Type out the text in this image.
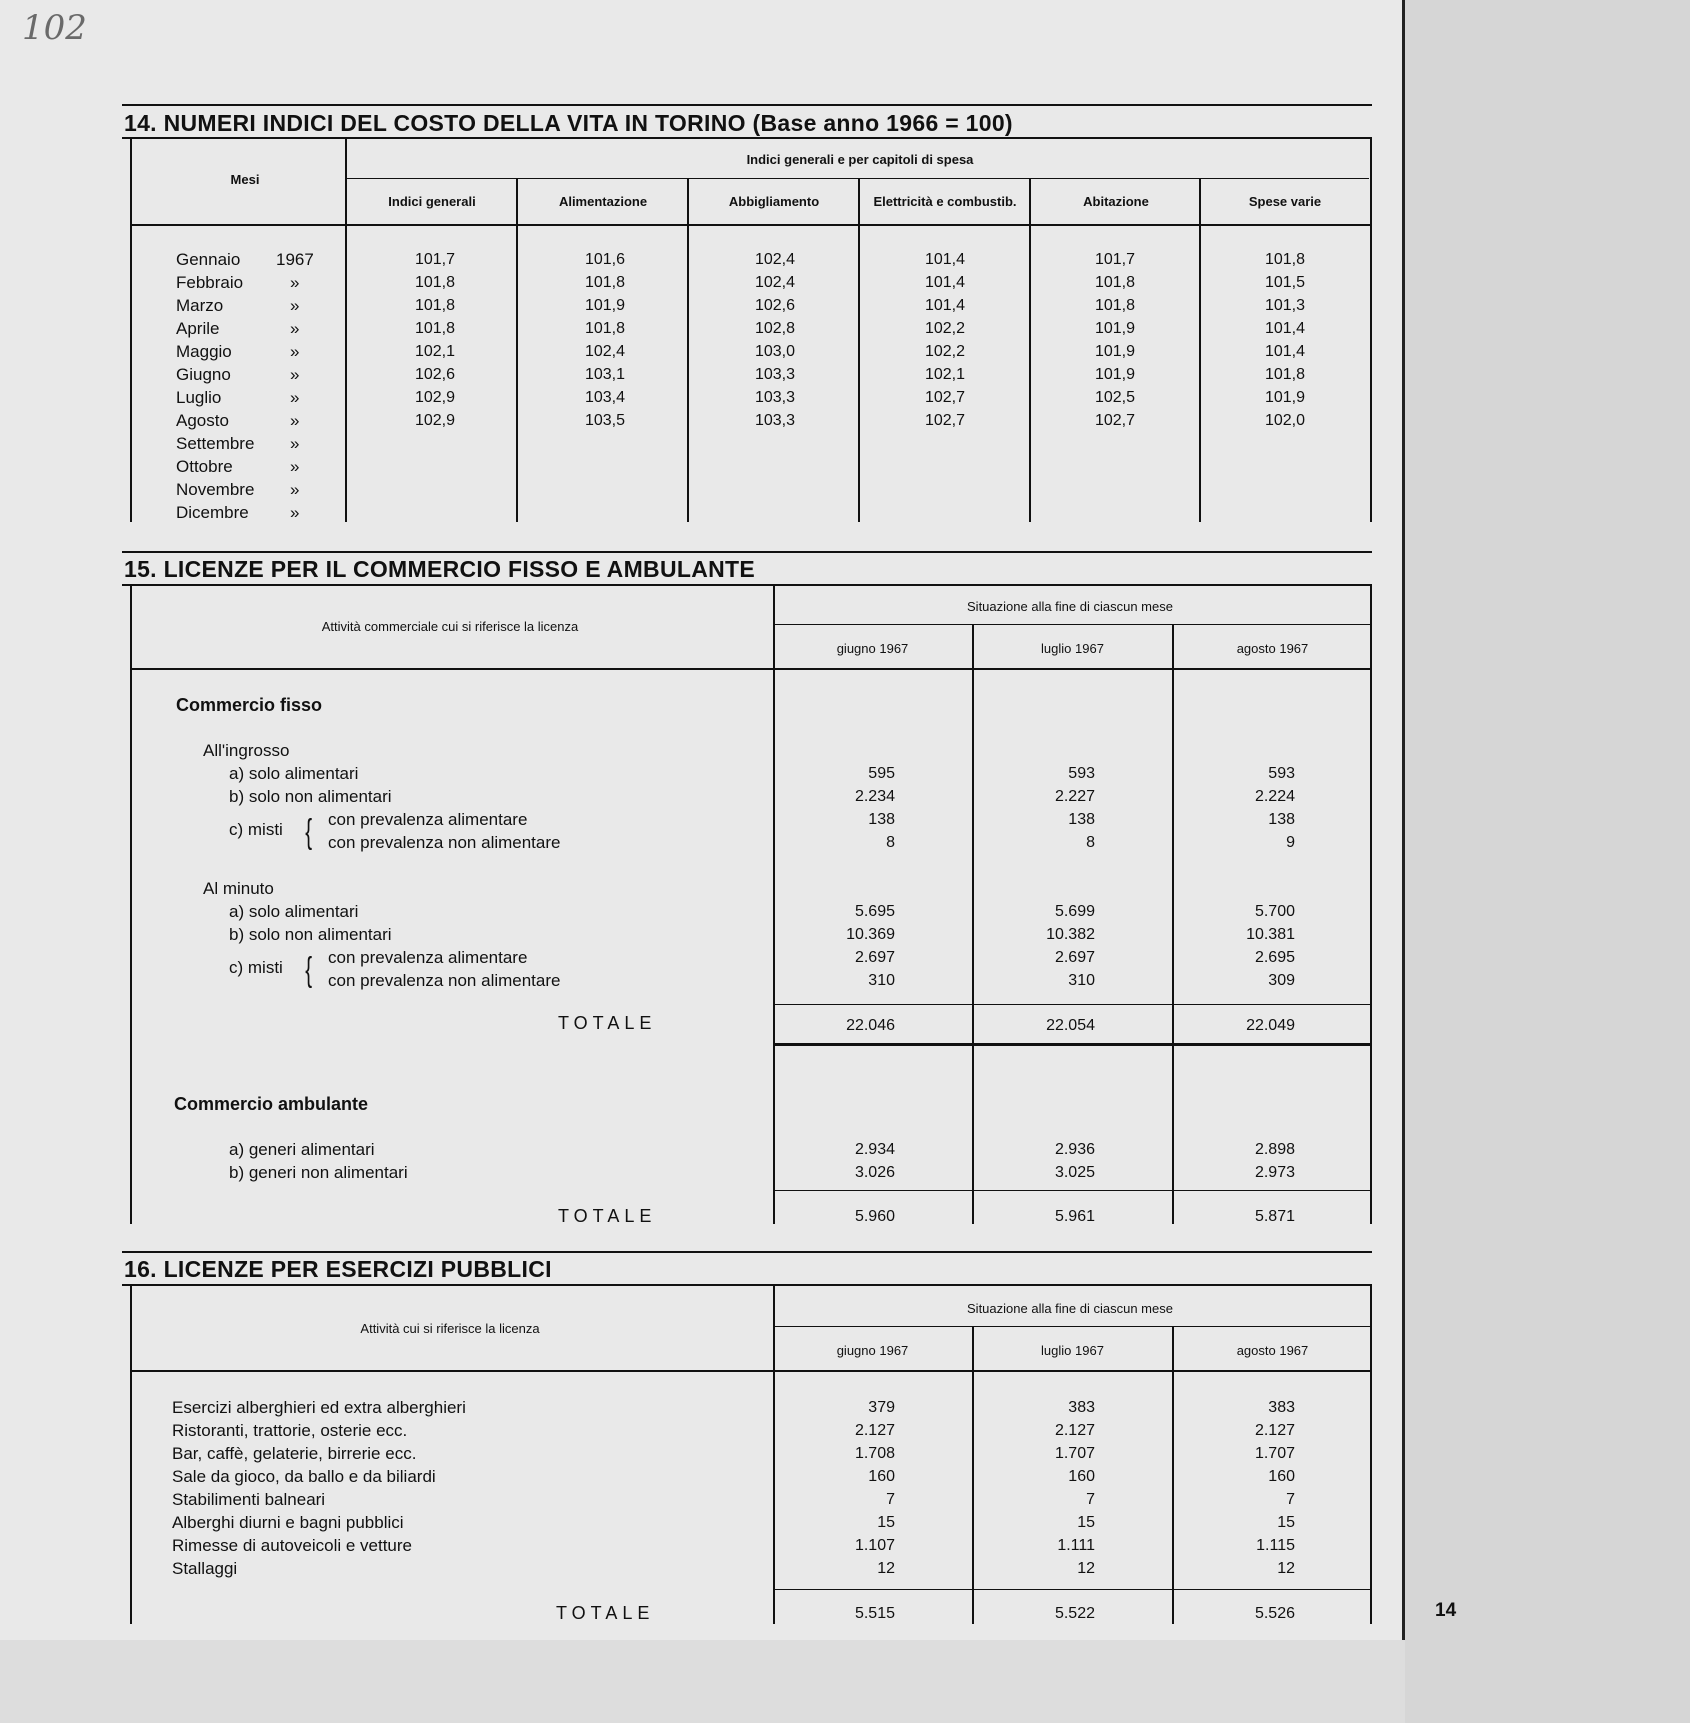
102
14. NUMERI INDICI DEL COSTO DELLA VITA IN TORINO (Base anno 1966 = 100)
Mesi
Indici generali e per capitoli di spesa
Indici generali	Alimentazione	Abbigliamento	Elettricità e combustib.	Abitazione	Spese varie
Gennaio 1967	101,7	101,6	102,4	101,4	101,7	101,8
Febbraio	»	101,8	101,8	102,4	101,4	101,8	101,5
Marzo	»	101,8	101,9	102,6	101,4	101,8	101,3
Aprile	»	101,8	101,8	102,8	102,2	101,9	101,4
Maggio	»	102,1	102,4	103,0	102,2	101,9	101,4
Giugno	»	102,6	103,1	103,3	102,1	101,9	101,8
Luglio	»	102,9	103,4	103,3	102,7	102,5	101,9
Agosto	»	102,9	103,5	103,3	102,7	102,7	102,0
Settembre »
Ottobre	»
Novembre »
Dicembre »
15. LICENZE PER IL COMMERCIO FISSO E AMBULANTE
Attività commerciale cui si riferisce la licenza
Situazione alla fine di ciascun mese
giugno 1967	luglio 1967	agosto 1967
Commercio fisso
All'ingrosso
a) solo alimentari	595	593	593
b) solo non alimentari	2.234	2.227	2.224
con prevalenza alimentare	138	138	138
con prevalenza non alimentare	8	8	9
c) misti {
Al minuto
a) solo alimentari	5.695	5.699	5.700
b) solo non alimentari	10.369	10.382	10.381
con prevalenza alimentare	2.697	2.697	2.695
con prevalenza non alimentare	310	310	309
c) misti {
TOTALE	22.046	22.054	22.049
Commercio ambulante
a) generi alimentari	2.934	2.936	2.898
b) generi non alimentari	3.026	3.025	2.973
TOTALE	5.960	5.961	5.871
16. LICENZE PER ESERCIZI PUBBLICI
Attività cui si riferisce la licenza
Situazione alla fine di ciascun mese
giugno 1967	luglio 1967	agosto 1967
Esercizi alberghieri ed extra alberghieri	379	383	383
Ristoranti, trattorie, osterie ecc.	2.127	2.127	2.127
Bar, caffè, gelaterie, birrerie ecc.	1.708	1.707	1.707
Sale da gioco, da ballo e da biliardi	160	160	160
Stabilimenti balneari	7	7	7
Alberghi diurni e bagni pubblici	15	15	15
Rimesse di autoveicoli e vetture	1.107	1.111	1.115
Stallaggi	12	12	12
TOTALE	5.515	5.522	5.526	14
